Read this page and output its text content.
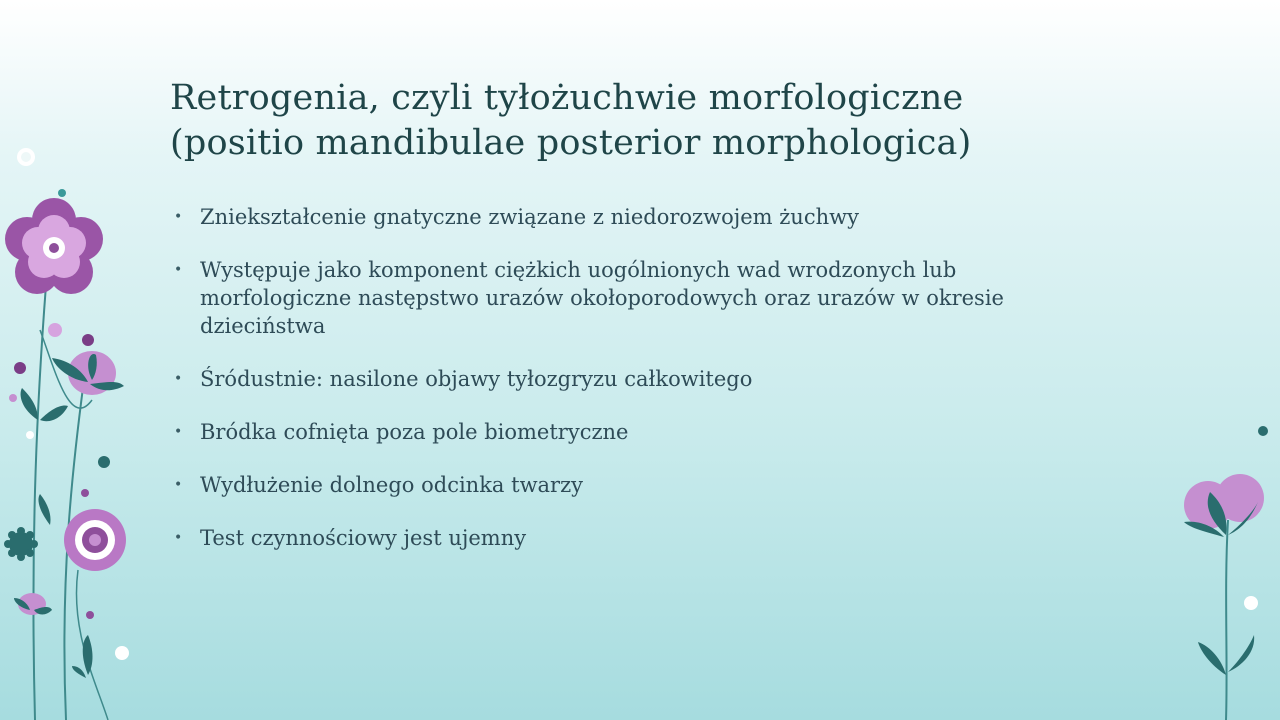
Retrogenia, czyli tyłożuchwie morfologiczne
(positio mandibulae posterior morphologica)
• Zniekształcenie gnatyczne związane z niedorozwojem żuchwy
• Występuje jako komponent ciężkich uogólnionych wad wrodzonych lub
morfologiczne następstwo urazów okołoporodowych oraz urazów w okresie
dzieciństwa
• Śródustnie: nasilone objawy tyłozgryzu całkowitego
• Bródka cofnięta poza pole biometryczne
• Wydłużenie dolnego odcinka twarzy
• Test czynnościowy jest ujemny
